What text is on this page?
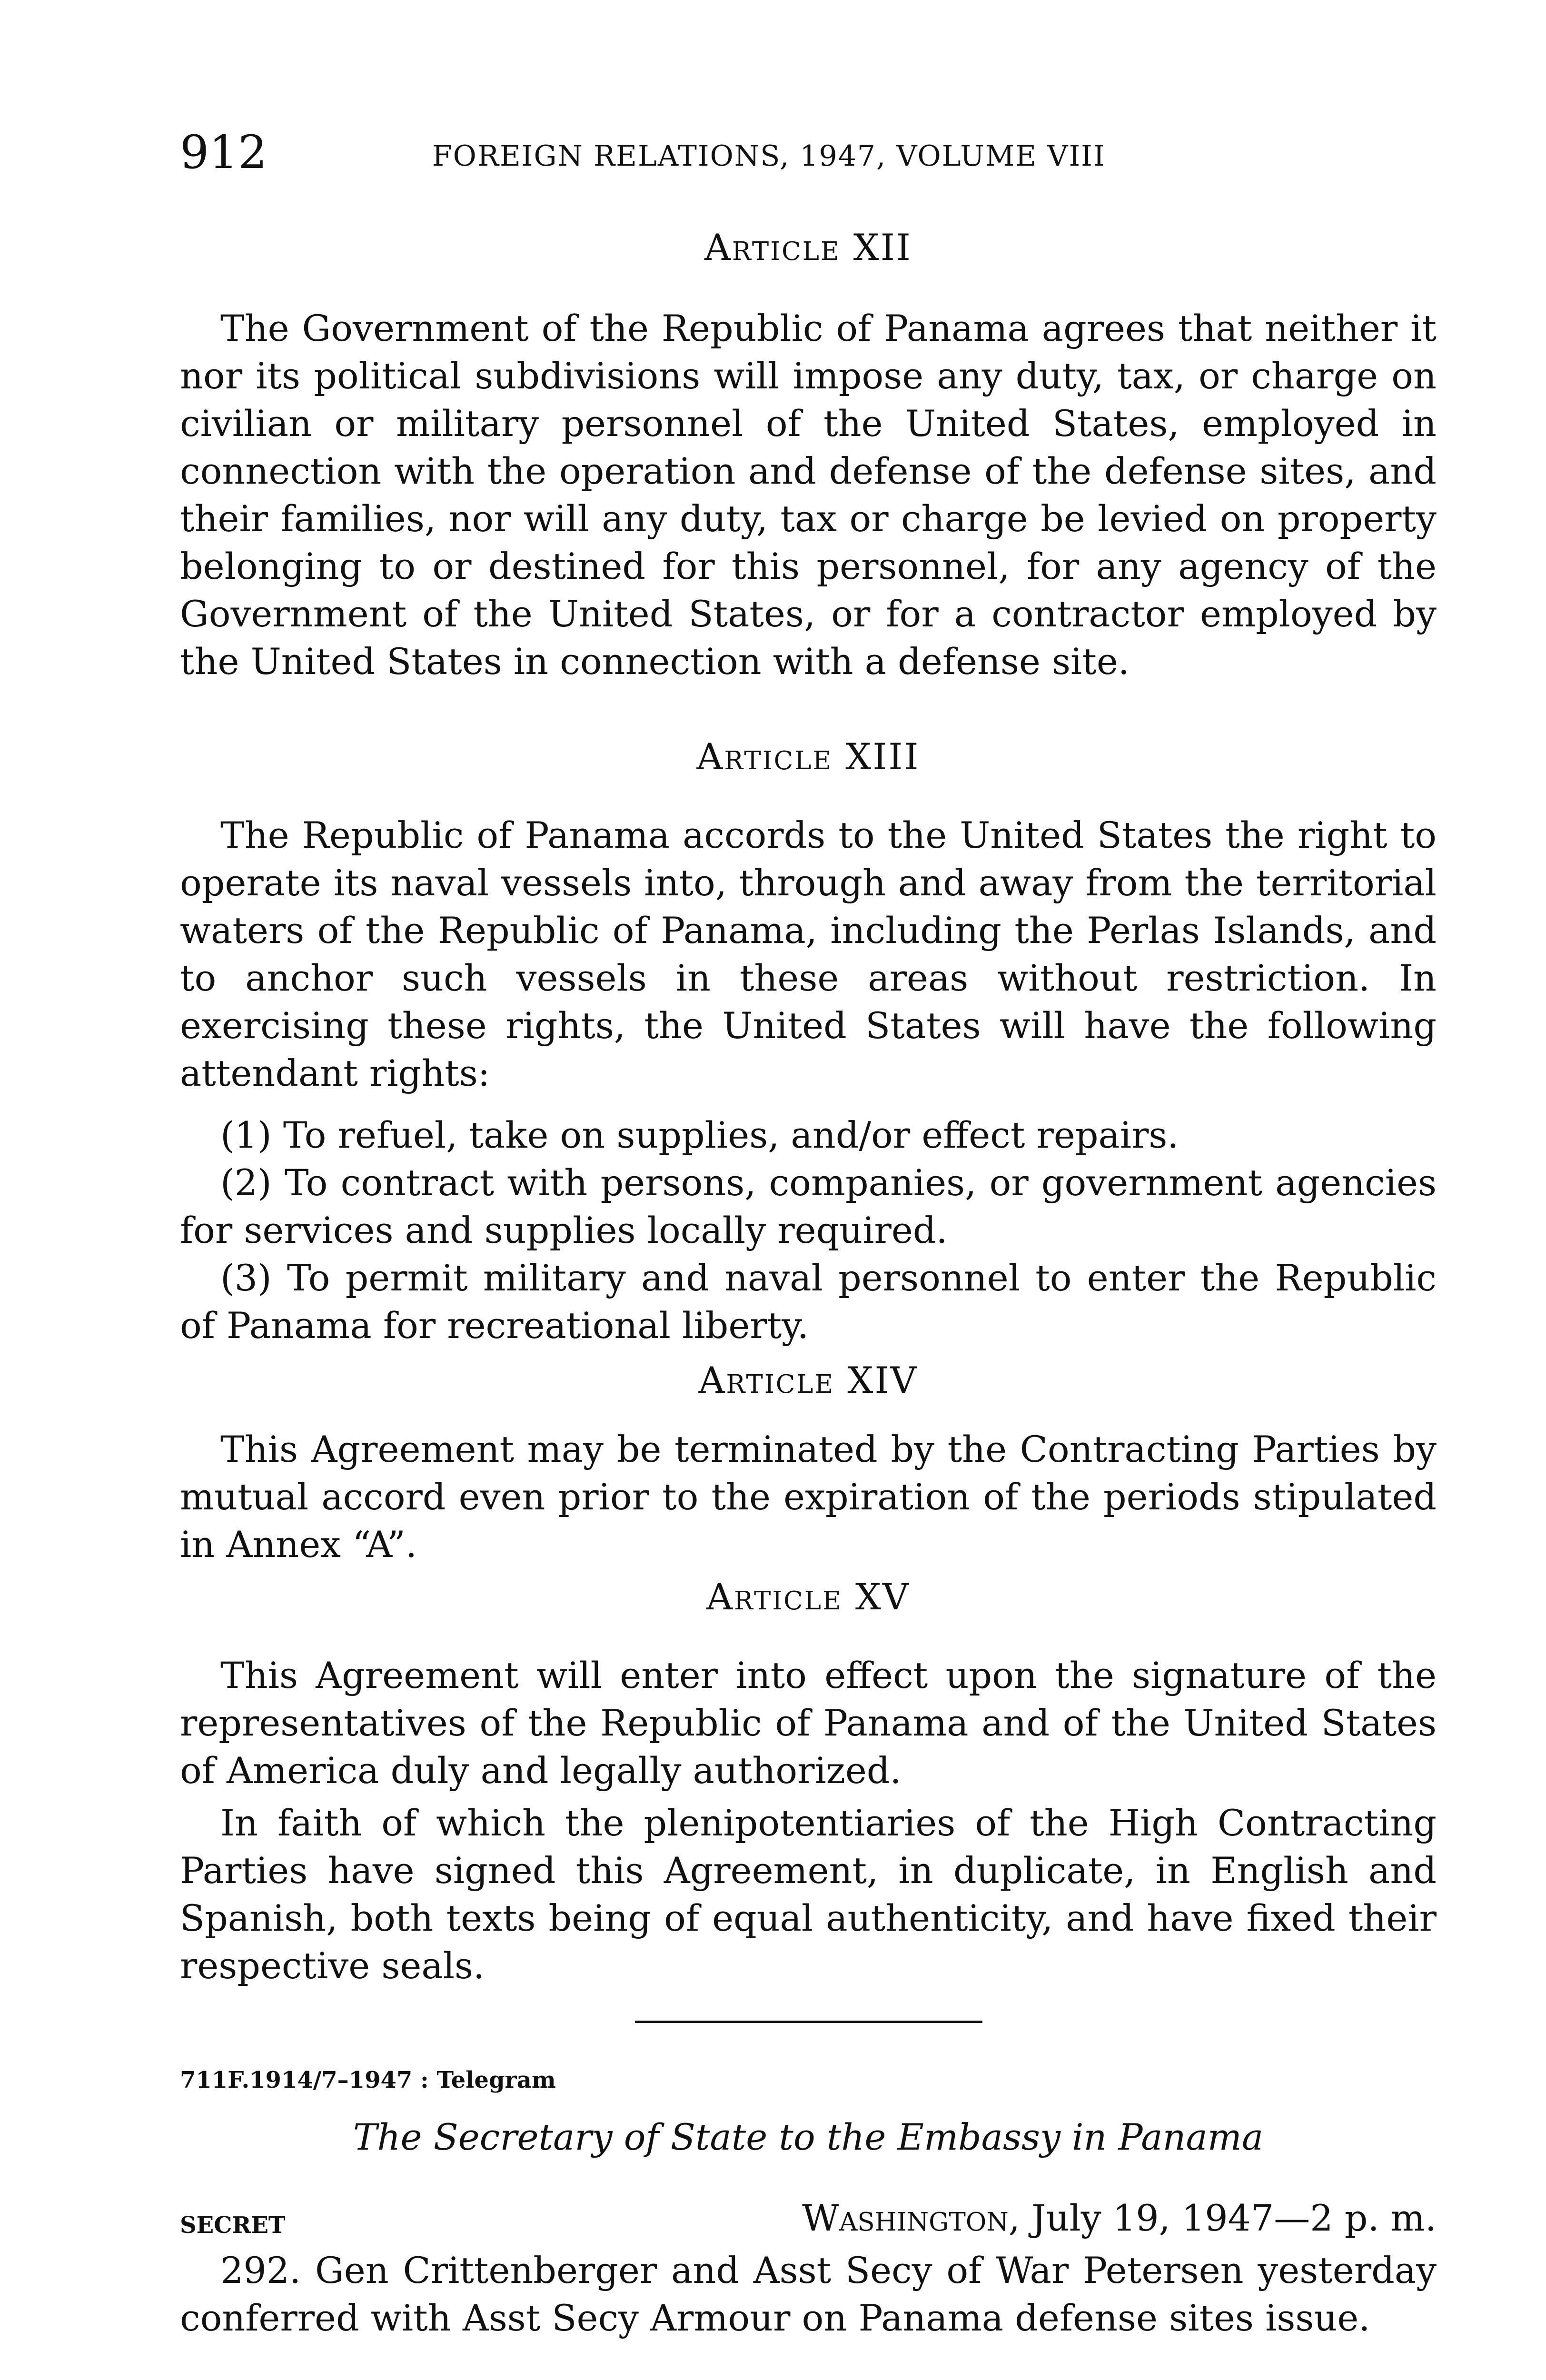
912	FOREIGN RELATIONS, 1947, VOLUME VIII
Article XII

The Government of the Republic of Panama agrees that neither it nor its political subdivisions will impose any duty, tax, or charge on civilian or military personnel of the United States, employed in connection with the operation and defense of the defense sites, and their families, nor will any duty, tax or charge be levied on property belonging to or destined for this personnel, for any agency of the Government of the United States, or for a contractor employed by the United States in connection with a defense site.

Article XIII

The Republic of Panama accords to the United States the right to operate its naval vessels into, through and away from the territorial waters of the Republic of Panama, including the Perlas Islands, and to anchor such vessels in these areas without restriction. In exercising these rights, the United States will have the following attendant rights:

(1) To refuel, take on supplies, and/or effect repairs.

(2) To contract with persons, companies, or government agencies for services and supplies locally required.

(3) To permit military and naval personnel to enter the Republic of Panama for recreational liberty.

Article XIV

This Agreement may be terminated by the Contracting Parties by mutual accord even prior to the expiration of the periods stipulated in Annex “A”.

Article XV

This Agreement will enter into effect upon the signature of the representatives of the Republic of Panama and of the United States of America duly and legally authorized.

In faith of which the plenipotentiaries of the High Contracting Parties have signed this Agreement, in duplicate, in English and Spanish, both texts being of equal authenticity, and have fixed their respective seals.

711F.1914/7–1947 : Telegram
The Secretary of State to the Embassy in Panama
SECRET	Washington, July 19, 1947—2 p. m.

292. Gen Crittenberger and Asst Secy of War Petersen yesterday conferred with Asst Secy Armour on Panama defense sites issue.
